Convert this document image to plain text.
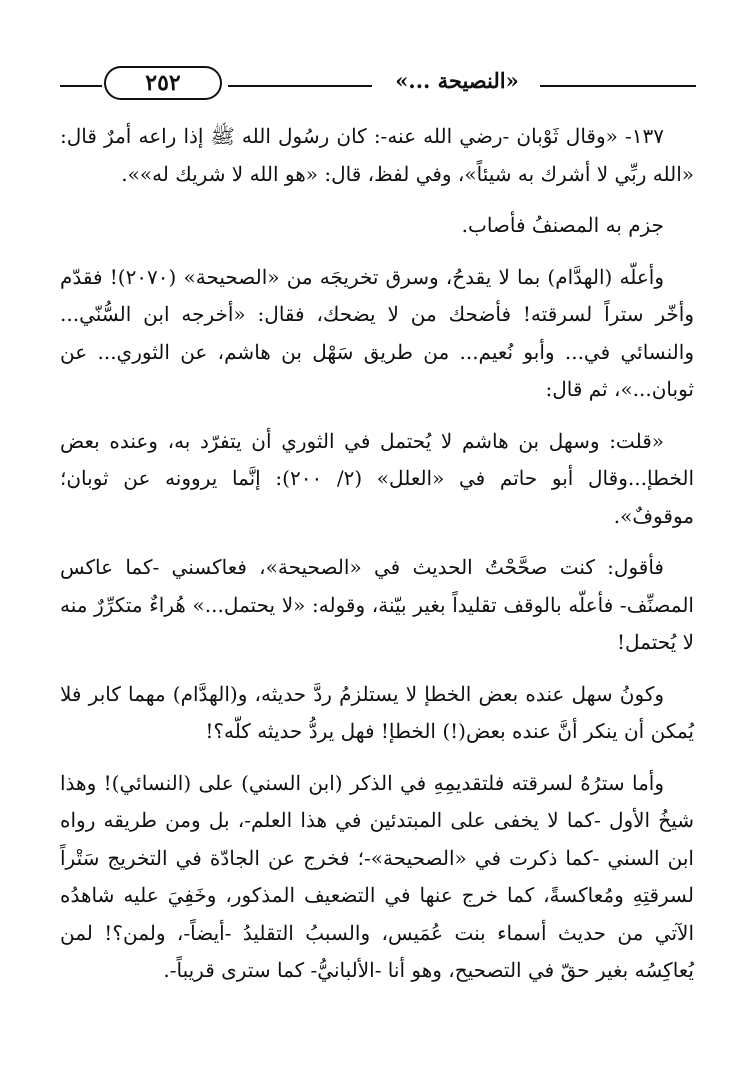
٢٥٢	«النصيحة ...»

١٣٧- «وقال ثَوْبان -رضي الله عنه-: كان رسُول الله ﷺ إذا راعه أمرٌ قال: «الله ربِّي لا أشرك به شيئاً»، وفي لفظ، قال: «هو الله لا شريك له»».

جزم به المصنفُ فأصاب.

وأعلّه (الهدَّام) بما لا يقدحُ، وسرق تخريجَه من «الصحيحة» (٢٠٧٠)! فقدّم وأخّر ستراً لسرقته! فأضحك من لا يضحك، فقال: «أخرجه ابن السُّنّي... والنسائي في... وأبو نُعيم... من طريق سَهْل بن هاشم، عن الثوري... عن ثوبان...»، ثم قال:

«قلت: وسهل بن هاشم لا يُحتمل في الثوري أن يتفرّد به، وعنده بعض الخطإ...وقال أبو حاتم في «العلل» (٢/ ٢٠٠): إنَّما يروونه عن ثوبان؛ موقوفٌ».

فأقول: كنت صحَّحْتُ الحديث في «الصحيحة»، فعاكسني -كما عاكس المصنِّف- فأعلّه بالوقف تقليداً بغير بيّنة، وقوله: «لا يحتمل...» هُراءٌ متكرِّرٌ منه لا يُحتمل!

وكونُ سهل عنده بعض الخطإ لا يستلزمُ ردَّ حديثه، و(الهدَّام) مهما كابر فلا يُمكن أن ينكر أنَّ عنده بعض(!) الخطإ! فهل يردُّ حديثه كلّه؟!

وأما سترُهُ لسرقته فلتقديمِهِ في الذكر (ابن السني) على (النسائي)! وهذا شيخُ الأول -كما لا يخفى على المبتدئين في هذا العلم-، بل ومن طريقه رواه ابن السني -كما ذكرت في «الصحيحة»-؛ فخرج عن الجادّة في التخريج سَتْراً لسرقتِهِ ومُعاكسةً، كما خرج عنها في التضعيف المذكور، وخَفِيَ عليه شاهدُه الآتي من حديث أسماء بنت عُمَيس، والسببُ التقليدُ -أيضاً-، ولمن؟! لمن يُعاكِسُه بغير حقّ في التصحيح، وهو أنا -الألبانيُّ- كما سترى قريباً-.
